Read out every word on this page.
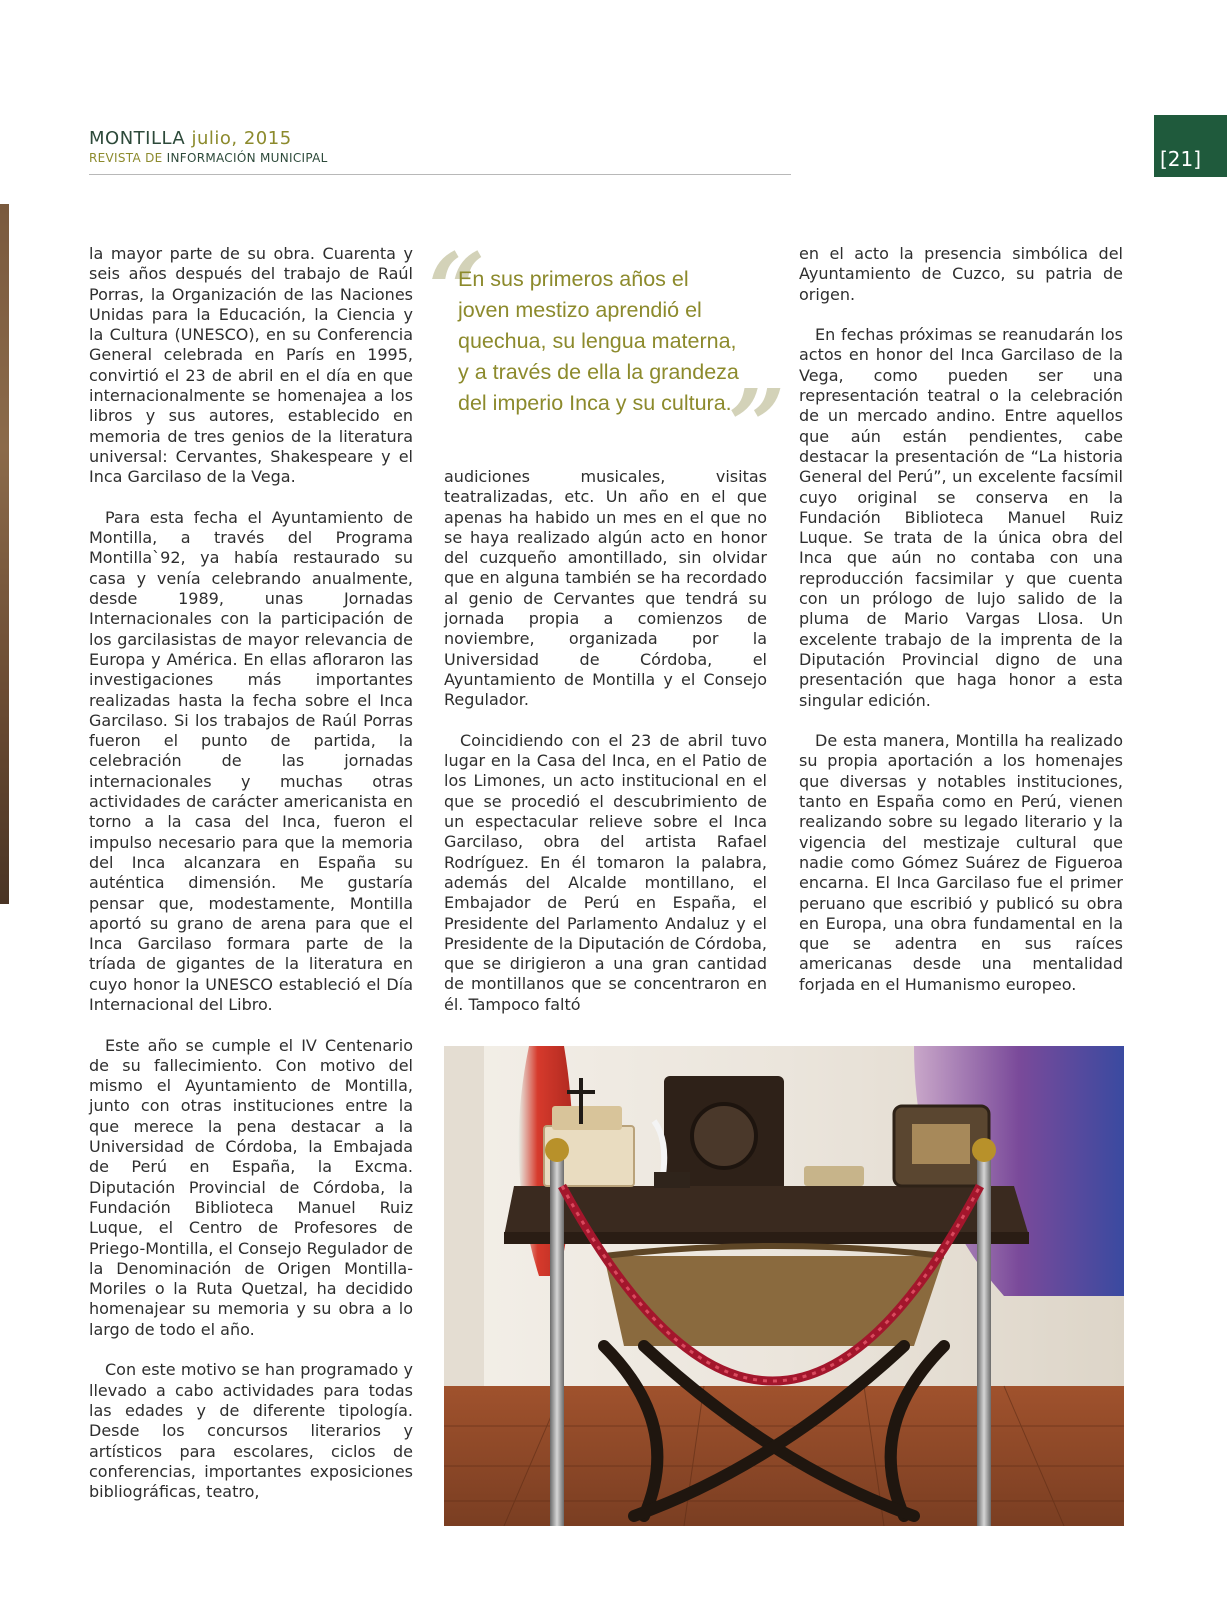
MONTILLA julio, 2015
REVISTA DE INFORMACIÓN MUNICIPAL	[21]

la mayor parte de su obra. Cuarenta y seis años después del trabajo de Raúl Porras, la Organización de las Naciones Unidas para la Educación, la Ciencia y la Cultura (UNESCO), en su Conferencia General celebrada en París en 1995, convirtió el 23 de abril en el día en que internacionalmente se homenajea a los libros y sus autores, establecido en memoria de tres genios de la literatura universal: Cervantes, Shakespeare y el Inca Garcilaso de la Vega.

Para esta fecha el Ayuntamiento de Montilla, a través del Programa Montilla`92, ya había restaurado su casa y venía celebrando anualmente, desde 1989, unas Jornadas Internacionales con la participación de los garcilasistas de mayor relevancia de Europa y América. En ellas afloraron las investigaciones más importantes realizadas hasta la fecha sobre el Inca Garcilaso. Si los trabajos de Raúl Porras fueron el punto de partida, la celebración de las jornadas internacionales y muchas otras actividades de carácter americanista en torno a la casa del Inca, fueron el impulso necesario para que la memoria del Inca alcanzara en España su auténtica dimensión. Me gustaría pensar que, modestamente, Montilla aportó su grano de arena para que el Inca Garcilaso formara parte de la tríada de gigantes de la literatura en cuyo honor la UNESCO estableció el Día Internacional del Libro.

Este año se cumple el IV Centenario de su fallecimiento. Con motivo del mismo el Ayuntamiento de Montilla, junto con otras instituciones entre la que merece la pena destacar a la Universidad de Córdoba, la Embajada de Perú en España, la Excma. Diputación Provincial de Córdoba, la Fundación Biblioteca Manuel Ruiz Luque, el Centro de Profesores de Priego-Montilla, el Consejo Regulador de la Denominación de Origen Montilla-Moriles o la Ruta Quetzal, ha decidido homenajear su memoria y su obra a lo largo de todo el año.

Con este motivo se han programado y llevado a cabo actividades para todas las edades y de diferente tipología. Desde los concursos literarios y artísticos para escolares, ciclos de conferencias, importantes exposiciones bibliográficas, teatro,

“
En sus primeros años el
joven mestizo aprendió el
quechua, su lengua materna,
y a través de ella la grandeza
del imperio Inca y su cultura.
”

audiciones musicales, visitas teatralizadas, etc. Un año en el que apenas ha habido un mes en el que no se haya realizado algún acto en honor del cuzqueño amontillado, sin olvidar que en alguna también se ha recordado al genio de Cervantes que tendrá su jornada propia a comienzos de noviembre, organizada por la Universidad de Córdoba, el Ayuntamiento de Montilla y el Consejo Regulador.

Coincidiendo con el 23 de abril tuvo lugar en la Casa del Inca, en el Patio de los Limones, un acto institucional en el que se procedió el descubrimiento de un espectacular relieve sobre el Inca Garcilaso, obra del artista Rafael Rodríguez. En él tomaron la palabra, además del Alcalde montillano, el Embajador de Perú en España, el Presidente del Parlamento Andaluz y el Presidente de la Diputación de Córdoba, que se dirigieron a una gran cantidad de montillanos que se concentraron en él. Tampoco faltó

en el acto la presencia simbólica del Ayuntamiento de Cuzco, su patria de origen.

En fechas próximas se reanudarán los actos en honor del Inca Garcilaso de la Vega, como pueden ser una representación teatral o la celebración de un mercado andino. Entre aquellos que aún están pendientes, cabe destacar la presentación de “La historia General del Perú”, un excelente facsímil cuyo original se conserva en la Fundación Biblioteca Manuel Ruiz Luque. Se trata de la única obra del Inca que aún no contaba con una reproducción facsimilar y que cuenta con un prólogo de lujo salido de la pluma de Mario Vargas Llosa. Un excelente trabajo de la imprenta de la Diputación Provincial digno de una presentación que haga honor a esta singular edición.

De esta manera, Montilla ha realizado su propia aportación a los homenajes que diversas y notables instituciones, tanto en España como en Perú, vienen realizando sobre su legado literario y la vigencia del mestizaje cultural que nadie como Gómez Suárez de Figueroa encarna. El Inca Garcilaso fue el primer peruano que escribió y publicó su obra en Europa, una obra fundamental en la que se adentra en sus raíces americanas desde una mentalidad forjada en el Humanismo europeo.
